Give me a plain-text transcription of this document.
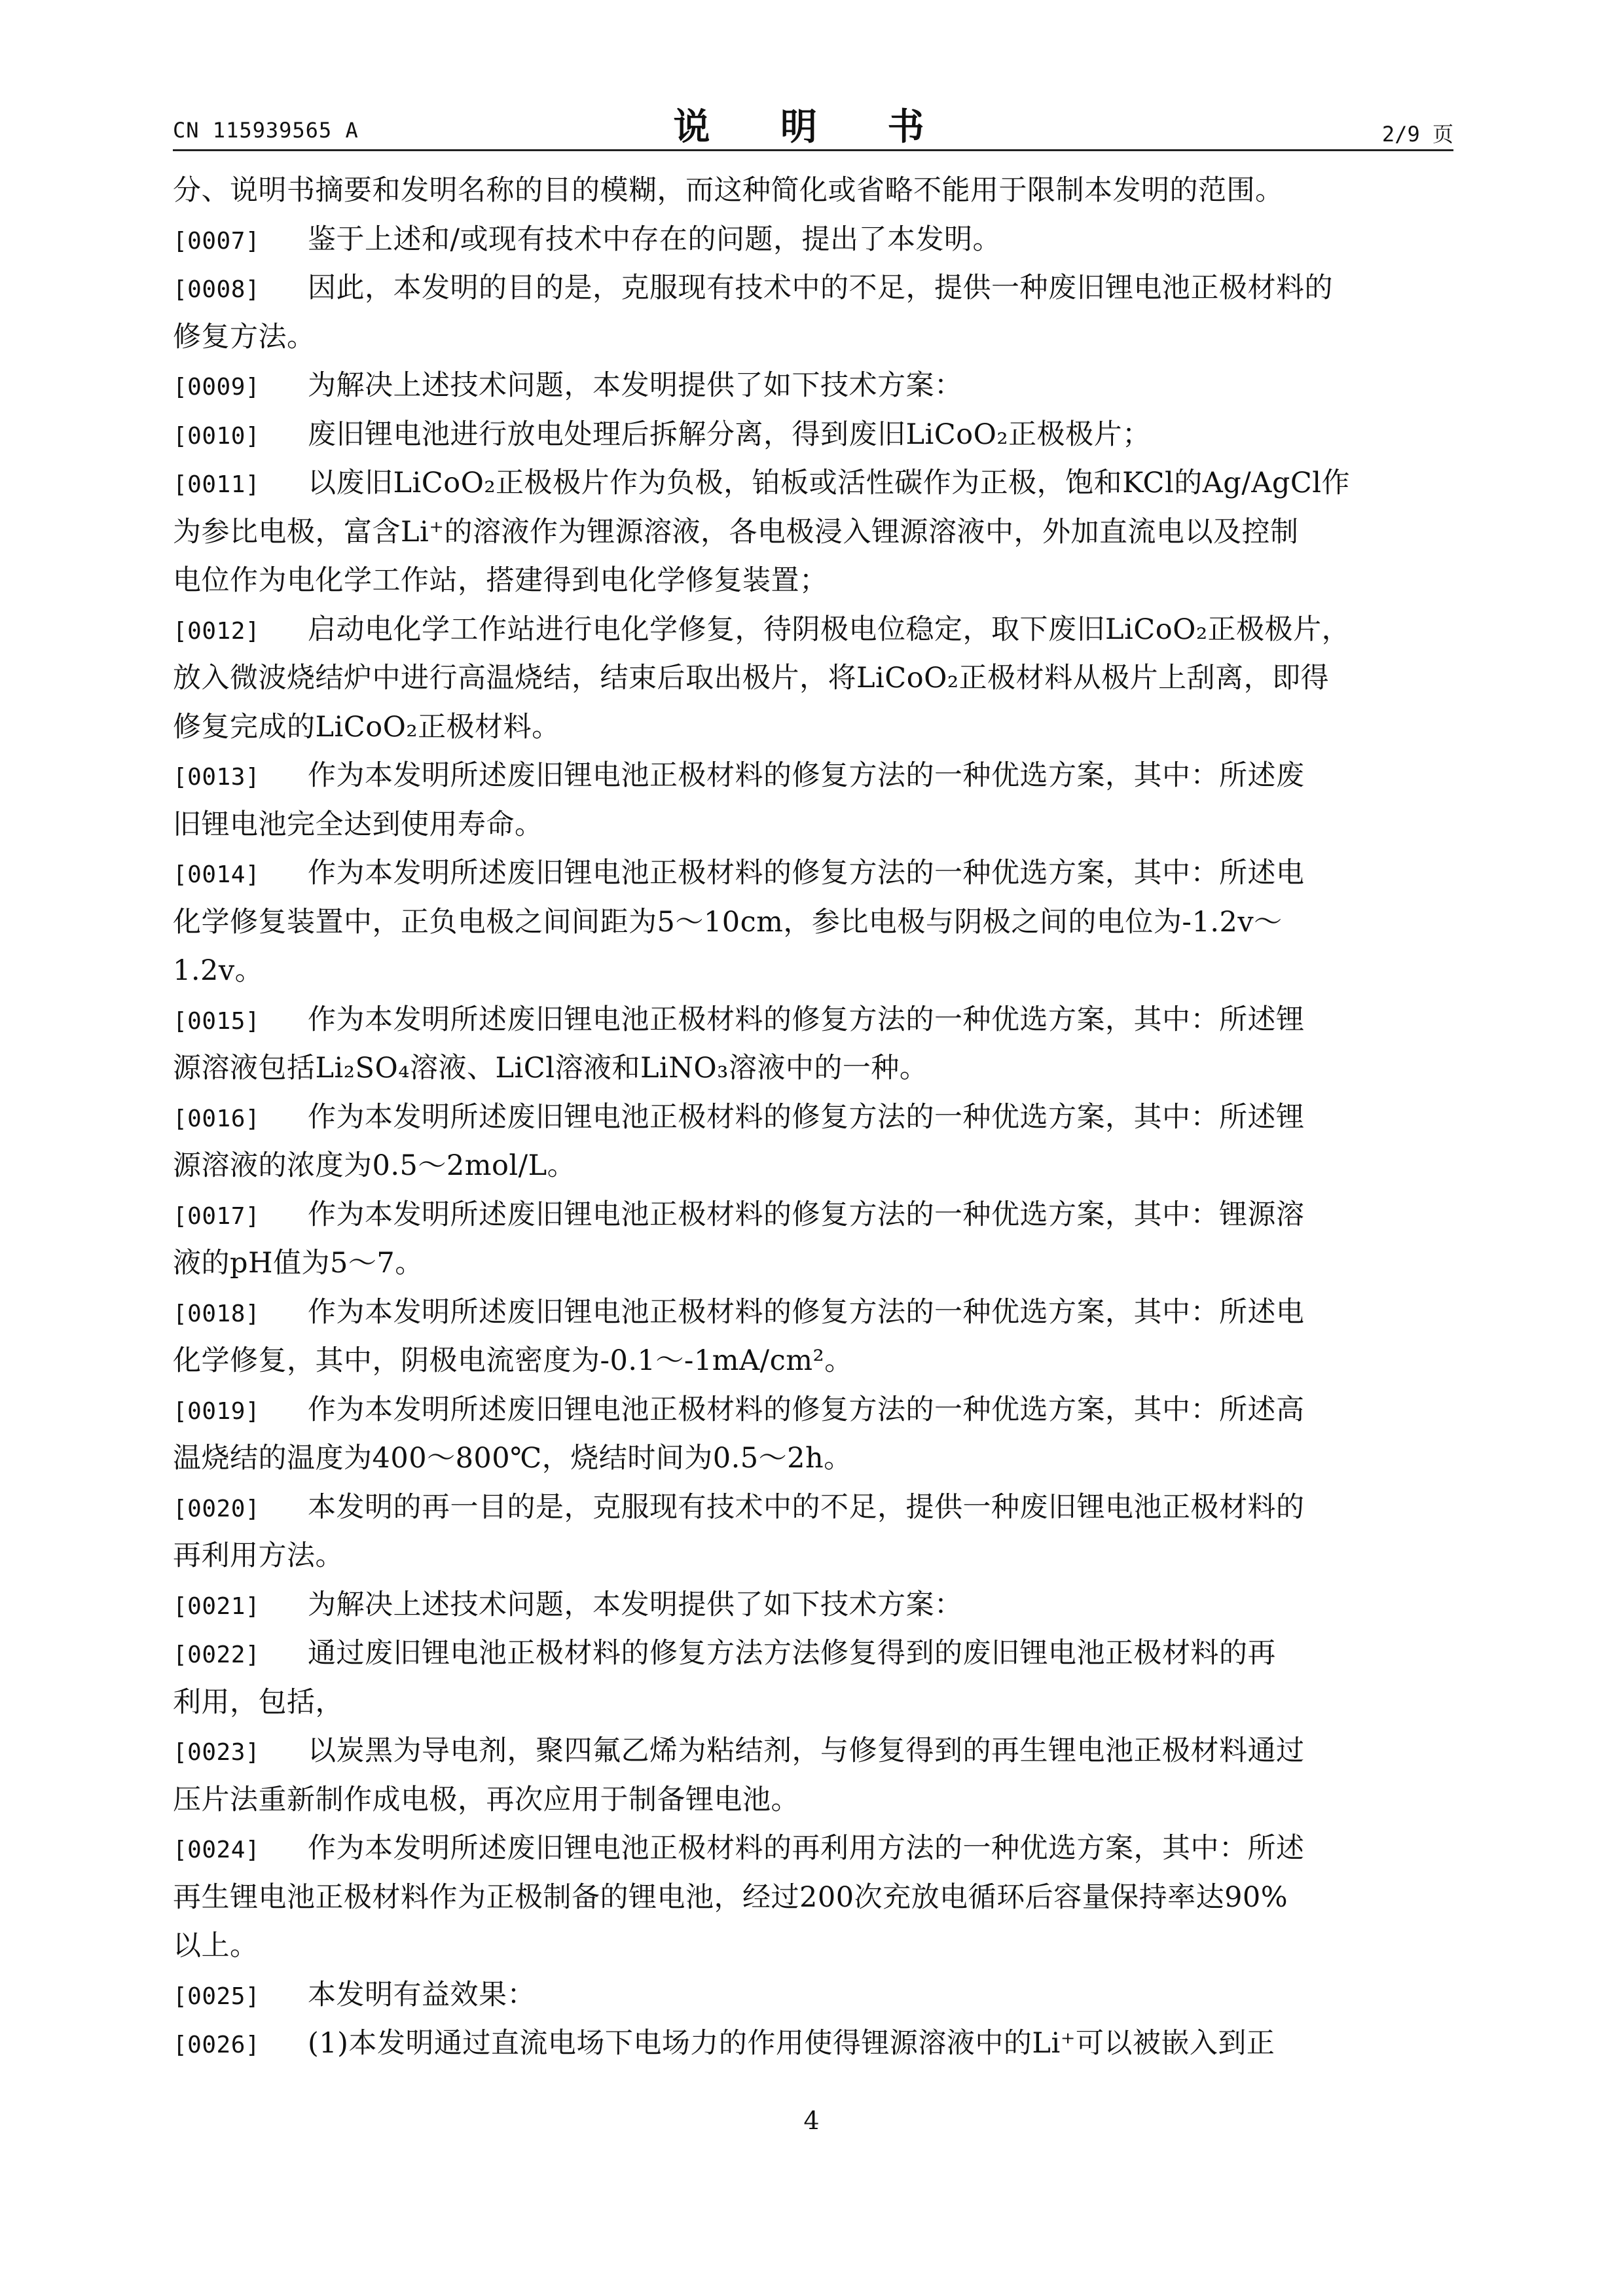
CN 115939565 A	说 明 书	2/9 页
分、说明书摘要和发明名称的目的模糊，而这种简化或省略不能用于限制本发明的范围。
[0007] 鉴于上述和/或现有技术中存在的问题，提出了本发明。
[0008] 因此，本发明的目的是，克服现有技术中的不足，提供一种废旧锂电池正极材料的
修复方法。
[0009] 为解决上述技术问题，本发明提供了如下技术方案：
[0010] 废旧锂电池进行放电处理后拆解分离，得到废旧LiCoO₂正极极片；
[0011] 以废旧LiCoO₂正极极片作为负极，铂板或活性碳作为正极，饱和KCl的Ag/AgCl作
为参比电极，富含Li⁺的溶液作为锂源溶液，各电极浸入锂源溶液中，外加直流电以及控制
电位作为电化学工作站，搭建得到电化学修复装置；
[0012] 启动电化学工作站进行电化学修复，待阴极电位稳定，取下废旧LiCoO₂正极极片，
放入微波烧结炉中进行高温烧结，结束后取出极片，将LiCoO₂正极材料从极片上刮离，即得
修复完成的LiCoO₂正极材料。
[0013] 作为本发明所述废旧锂电池正极材料的修复方法的一种优选方案，其中：所述废
旧锂电池完全达到使用寿命。
[0014] 作为本发明所述废旧锂电池正极材料的修复方法的一种优选方案，其中：所述电
化学修复装置中，正负电极之间间距为5～10cm，参比电极与阴极之间的电位为-1.2v～
1.2v。
[0015] 作为本发明所述废旧锂电池正极材料的修复方法的一种优选方案，其中：所述锂
源溶液包括Li₂SO₄溶液、LiCl溶液和LiNO₃溶液中的一种。
[0016] 作为本发明所述废旧锂电池正极材料的修复方法的一种优选方案，其中：所述锂
源溶液的浓度为0.5～2mol/L。
[0017] 作为本发明所述废旧锂电池正极材料的修复方法的一种优选方案，其中：锂源溶
液的pH值为5～7。
[0018] 作为本发明所述废旧锂电池正极材料的修复方法的一种优选方案，其中：所述电
化学修复，其中，阴极电流密度为-0.1～-1mA/cm²。
[0019] 作为本发明所述废旧锂电池正极材料的修复方法的一种优选方案，其中：所述高
温烧结的温度为400～800℃，烧结时间为0.5～2h。
[0020] 本发明的再一目的是，克服现有技术中的不足，提供一种废旧锂电池正极材料的
再利用方法。
[0021] 为解决上述技术问题，本发明提供了如下技术方案：
[0022] 通过废旧锂电池正极材料的修复方法方法修复得到的废旧锂电池正极材料的再
利用，包括，
[0023] 以炭黑为导电剂，聚四氟乙烯为粘结剂，与修复得到的再生锂电池正极材料通过
压片法重新制作成电极，再次应用于制备锂电池。
[0024] 作为本发明所述废旧锂电池正极材料的再利用方法的一种优选方案，其中：所述
再生锂电池正极材料作为正极制备的锂电池，经过200次充放电循环后容量保持率达90%
以上。
[0025] 本发明有益效果：
[0026] (1)本发明通过直流电场下电场力的作用使得锂源溶液中的Li⁺可以被嵌入到正
4
